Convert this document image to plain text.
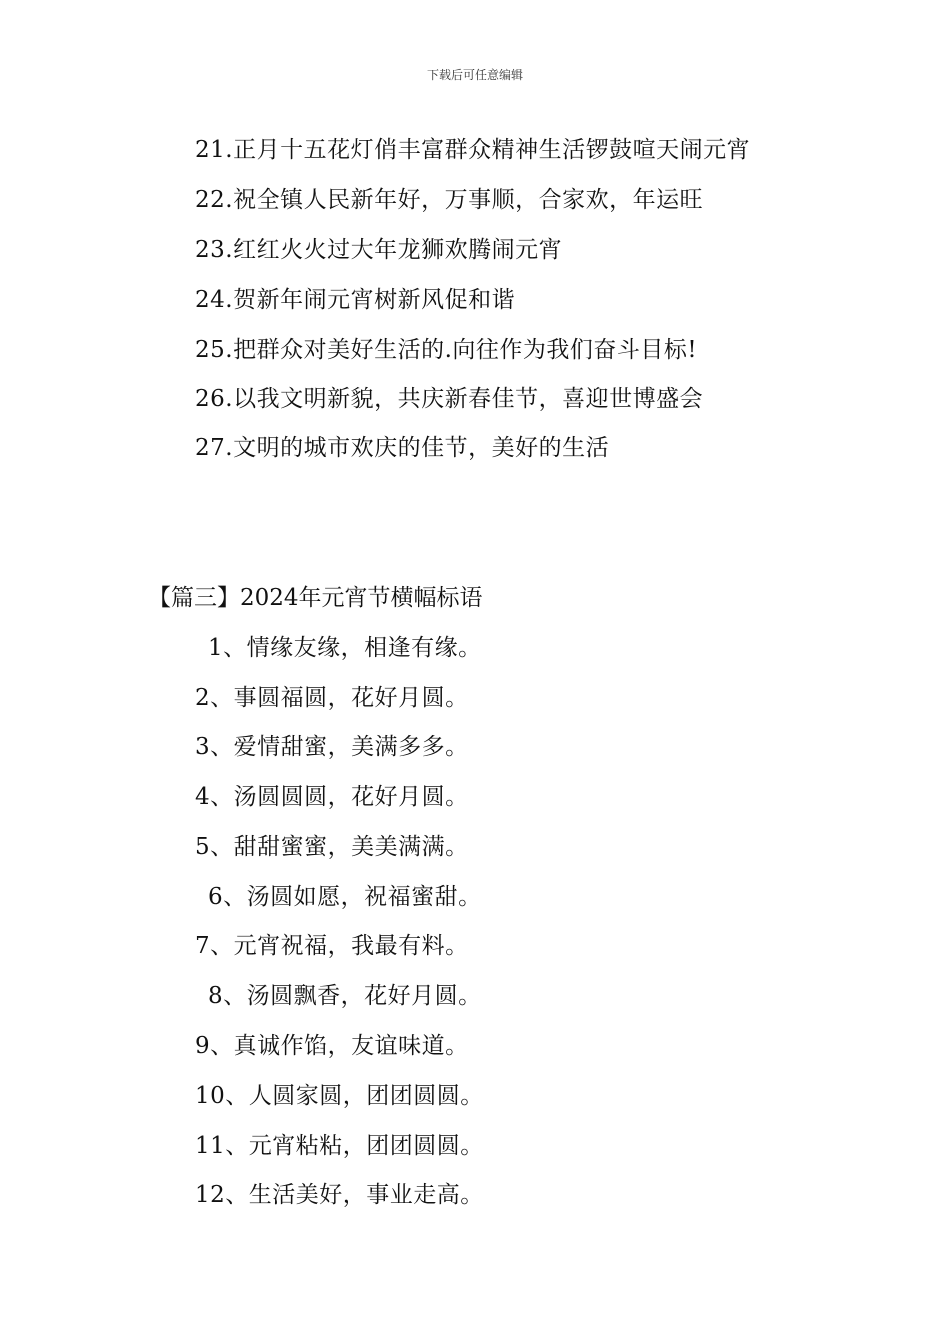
下载后可任意编辑
21.正月十五花灯俏丰富群众精神生活锣鼓喧天闹元宵
22.祝全镇人民新年好，万事顺，合家欢，年运旺
23.红红火火过大年龙狮欢腾闹元宵
24.贺新年闹元宵树新风促和谐
25.把群众对美好生活的.向往作为我们奋斗目标!
26.以我文明新貌，共庆新春佳节，喜迎世博盛会
27.文明的城市欢庆的佳节，美好的生活
【篇三】2024年元宵节横幅标语
1、情缘友缘，相逢有缘。
2、事圆福圆，花好月圆。
3、爱情甜蜜，美满多多。
4、汤圆圆圆，花好月圆。
5、甜甜蜜蜜，美美满满。
6、汤圆如愿，祝福蜜甜。
7、元宵祝福，我最有料。
8、汤圆飘香，花好月圆。
9、真诚作馅，友谊味道。
10、人圆家圆，团团圆圆。
11、元宵粘粘，团团圆圆。
12、生活美好，事业走高。
